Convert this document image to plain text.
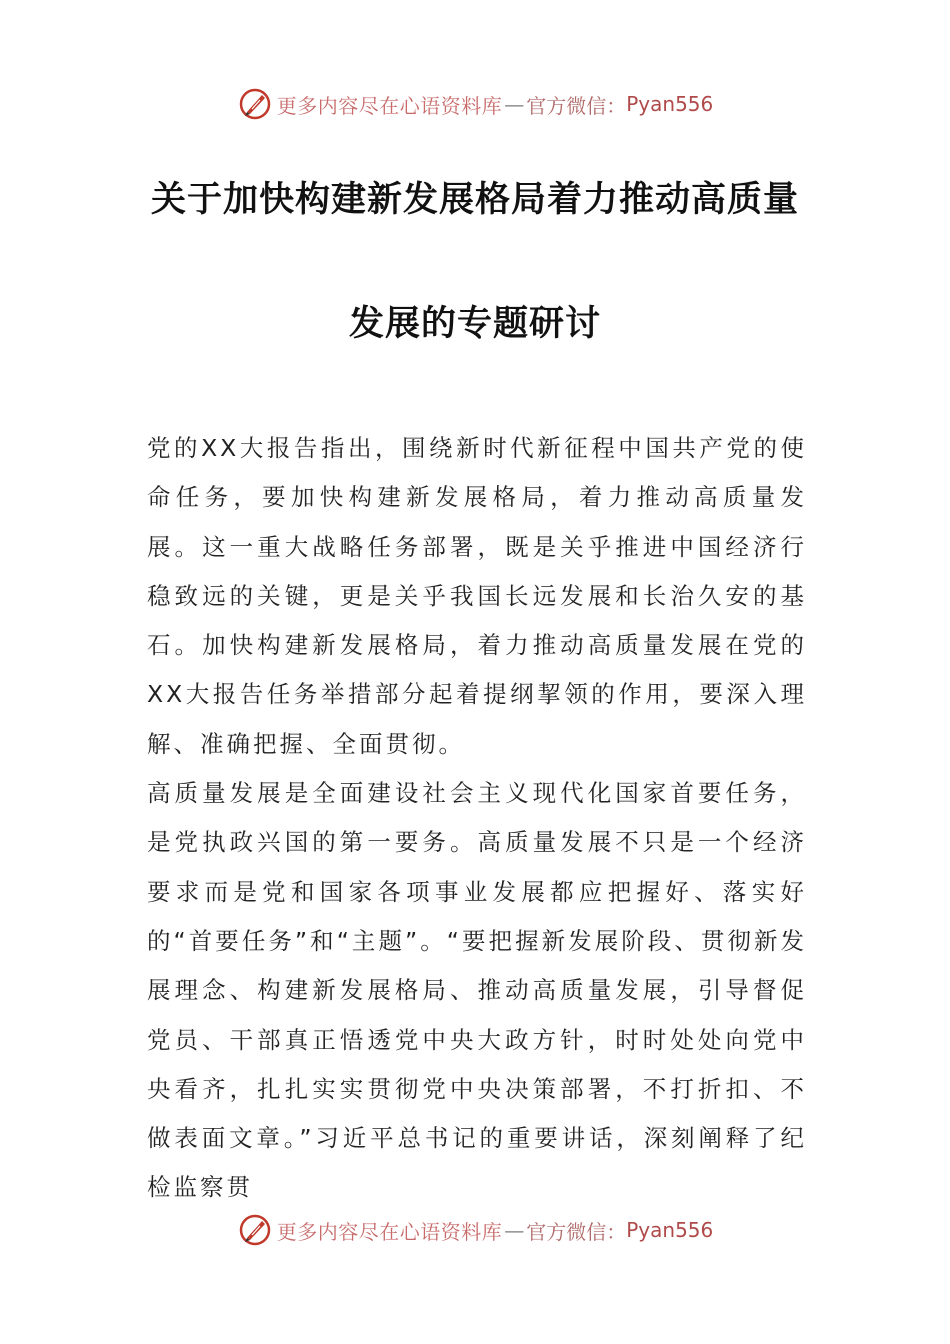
更多内容尽在心语资料库 — 官方微信： Pyan556
关于加快构建新发展格局着力推动高质量
发展的专题研讨

党的XX大报告指出，围绕新时代新征程中国共产党的使命任务，要加快构建新发展格局，着力推动高质量发展。这一重大战略任务部署，既是关乎推进中国经济行稳致远的关键，更是关乎我国长远发展和长治久安的基石。加快构建新发展格局，着力推动高质量发展在党的XX大报告任务举措部分起着提纲挈领的作用，要深入理解、准确把握、全面贯彻。

高质量发展是全面建设社会主义现代化国家首要任务，是党执政兴国的第一要务。高质量发展不只是一个经济要求而是党和国家各项事业发展都应把握好、落实好的“首要任务”和“主题”。“要把握新发展阶段、贯彻新发展理念、构建新发展格局、推动高质量发展，引导督促党员、干部真正悟透党中央大政方针，时时处处向党中央看齐，扎扎实实贯彻党中央决策部署，不打折扣、不做表面文章。”习近平总书记的重要讲话，深刻阐释了纪检监察贯

更多内容尽在心语资料库 — 官方微信： Pyan556
